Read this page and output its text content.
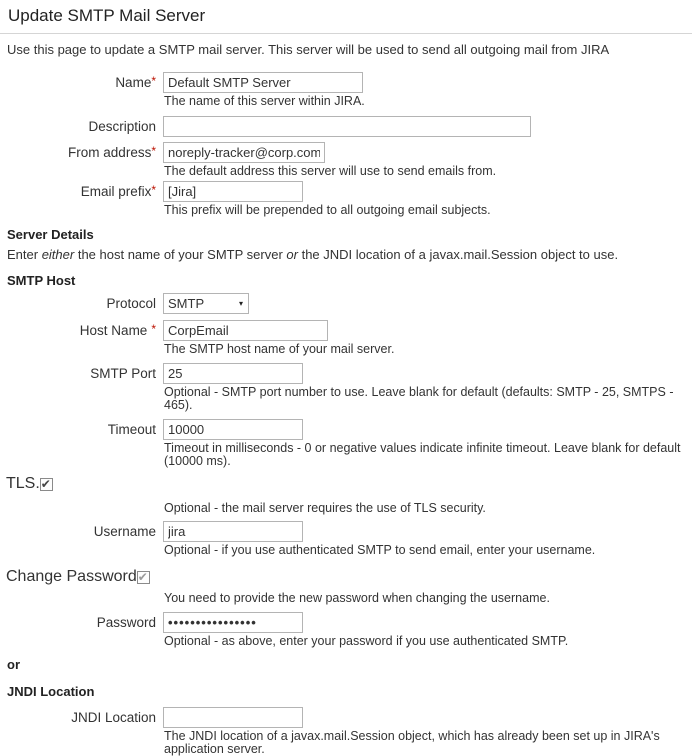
Update SMTP Mail Server
Use this page to update a SMTP mail server. This server will be used to send all outgoing mail from JIRA
Name*
Default SMTP Server
The name of this server within JIRA.
Description
From address*
noreply-tracker@corp.com
The default address this server will use to send emails from.
Email prefix*
[Jira]
This prefix will be prepended to all outgoing email subjects.
Server Details
Enter either the host name of your SMTP server or the JNDI location of a javax.mail.Session object to use.
SMTP Host
Protocol SMTP	▾
Host Name *
CorpEmail
The SMTP host name of your mail server.
SMTP Port
25
Optional - SMTP port number to use. Leave blank for default (defaults: SMTP - 25, SMTPS - 465).
Timeout
10000
Timeout in milliseconds - 0 or negative values indicate infinite timeout. Leave blank for default (10000 ms).
TLS.
✔
Optional - the mail server requires the use of TLS security.
Username
jira
Optional - if you use authenticated SMTP to send email, enter your username.
Change Password
✔
You need to provide the new password when changing the username.
Password
••••••••••••••••
Optional - as above, enter your password if you use authenticated SMTP.
or
JNDI Location
JNDI Location
The JNDI location of a javax.mail.Session object, which has already been set up in JIRA's application server.
